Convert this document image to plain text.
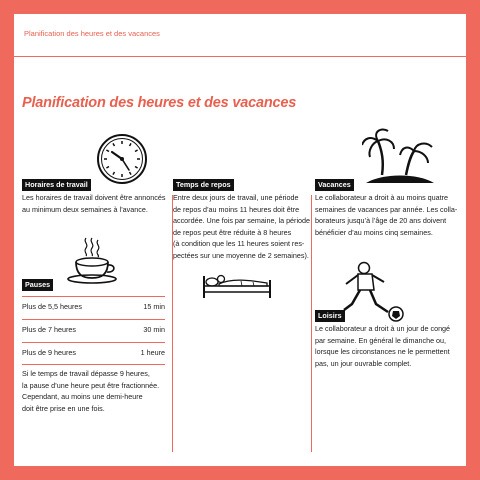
Planification des heures et des vacances
Planification des heures et des vacances
Horaires de travail
Les horaires de travail doivent être annoncés
au minimum deux semaines à l’avance.
Pauses
Plus de 5,5 heures	15 min
Plus de 7 heures	30 min
Plus de 9 heures	1 heure
Si le temps de travail dépasse 9 heures,
la pause d’une heure peut être fractionnée.
Cependant, au moins une demi-heure
doit être prise en une fois.
Temps de repos
Entre deux jours de travail, une période
de repos d’au moins 11 heures doit être
accordée. Une fois par semaine, la période
de repos peut être réduite à 8 heures
(à condition que les 11 heures soient res-
pectées sur une moyenne de 2 semaines).
Vacances
Le collaborateur a droit à au moins quatre
semaines de vacances par année. Les colla-
borateurs jusqu’à l’âge de 20 ans doivent
bénéficier d’au moins cinq semaines.
Loisirs
Le collaborateur a droit à un jour de congé
par semaine. En général le dimanche ou,
lorsque les circonstances ne le permettent
pas, un jour ouvrable complet.
